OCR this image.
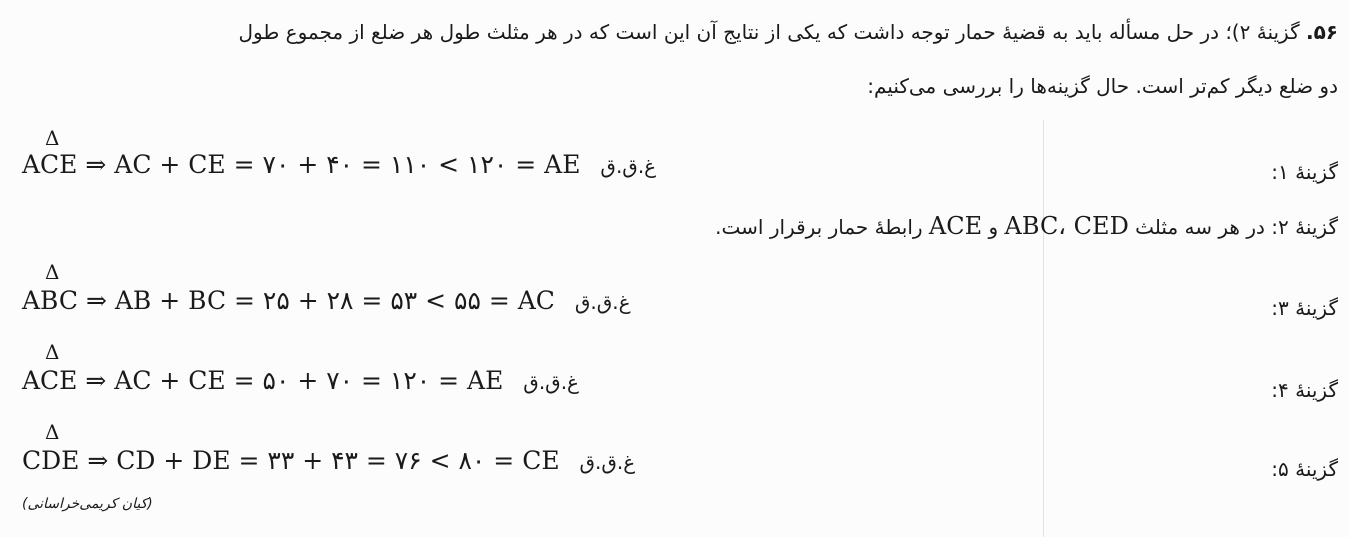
۵۶. گزینهٔ ۲)؛ در حل مسأله باید به قضیهٔ حمار توجه داشت که یکی از نتایج آن این است که در هر مثلث طول هر ضلع از مجموع طول
دو ضلع دیگر کم‌تر است. حال گزینه‌ها را بررسی می‌کنیم:
Δ
ACE ⇒ AC + CE = ۷۰ + ۴۰ = ۱۱۰ < ۱۲۰ = AE غ.ق.ق	گزینهٔ ۱:
گزینهٔ ۲: در هر سه مثلث ABC، CED و ACE رابطهٔ حمار برقرار است.
Δ
ABC ⇒ AB + BC = ۲۵ + ۲۸ = ۵۳ < ۵۵ = AC غ.ق.ق	گزینهٔ ۳:
Δ
ACE ⇒ AC + CE = ۵۰ + ۷۰ = ۱۲۰ = AE غ.ق.ق	گزینهٔ ۴:
Δ
CDE ⇒ CD + DE = ۳۳ + ۴۳ = ۷۶ < ۸۰ = CE غ.ق.ق	گزینهٔ ۵:
(کیان کریمی‌خراسانی)
